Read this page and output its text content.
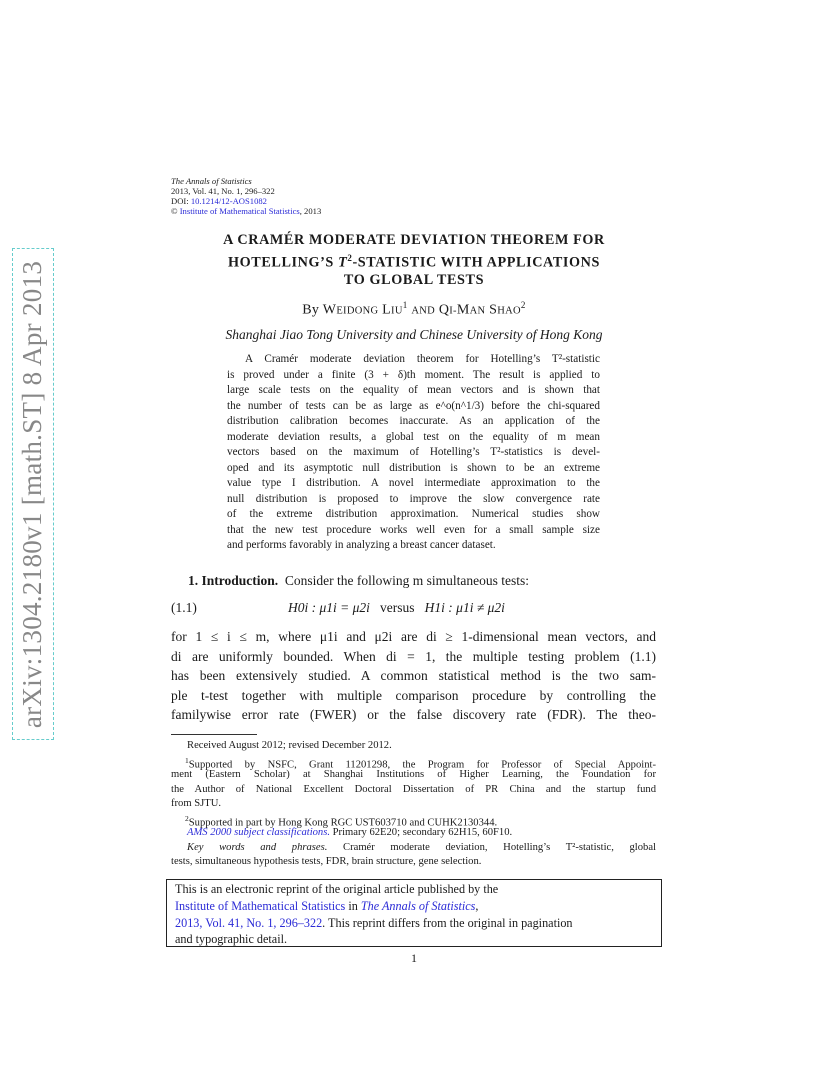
arXiv:1304.2180v1 [math.ST] 8 Apr 2013
The Annals of Statistics
2013, Vol. 41, No. 1, 296–322
DOI: 10.1214/12-AOS1082
© Institute of Mathematical Statistics, 2013
A CRAMÉR MODERATE DEVIATION THEOREM FOR
HOTELLING’S $T^2$-STATISTIC WITH APPLICATIONS
TO GLOBAL TESTS
By WEIDONG LIU$^1$ AND QI-MAN SHAO$^2$
Shanghai Jiao Tong University and Chinese University of Hong Kong
A Cramér moderate deviation theorem for Hotelling’s T²-statistic
is proved under a finite (3 + δ)th moment. The result is applied to
large scale tests on the equality of mean vectors and is shown that
the number of tests can be as large as e^o(n^1/3) before the chi-squared
distribution calibration becomes inaccurate. As an application of the
moderate deviation results, a global test on the equality of m mean
vectors based on the maximum of Hotelling’s T²-statistics is devel-
oped and its asymptotic null distribution is shown to be an extreme
value type I distribution. A novel intermediate approximation to the
null distribution is proposed to improve the slow convergence rate
of the extreme distribution approximation. Numerical studies show
that the new test procedure works well even for a small sample size
and performs favorably in analyzing a breast cancer dataset.
1. Introduction. Consider the following m simultaneous tests:
(1.1)	H0i : μ1i = μ2i versus H1i : μ1i ≠ μ2i
for 1 ≤ i ≤ m, where μ1i and μ2i are di ≥ 1-dimensional mean vectors, and
di are uniformly bounded. When di = 1, the multiple testing problem (1.1)
has been extensively studied. A common statistical method is the two sam-
ple t-test together with multiple comparison procedure by controlling the
familywise error rate (FWER) or the false discovery rate (FDR). The theo-
Received August 2012; revised December 2012.
$^1$Supported by NSFC, Grant 11201298, the Program for Professor of Special Appoint-
ment (Eastern Scholar) at Shanghai Institutions of Higher Learning, the Foundation for
the Author of National Excellent Doctoral Dissertation of PR China and the startup fund
from SJTU.
$^2$Supported in part by Hong Kong RGC UST603710 and CUHK2130344.
AMS 2000 subject classifications. Primary 62E20; secondary 62H15, 60F10.
Key words and phrases. Cramér moderate deviation, Hotelling’s T²-statistic, global
tests, simultaneous hypothesis tests, FDR, brain structure, gene selection.
This is an electronic reprint of the original article published by the
Institute of Mathematical Statistics in The Annals of Statistics,
2013, Vol. 41, No. 1, 296–322. This reprint differs from the original in pagination
and typographic detail.
1
